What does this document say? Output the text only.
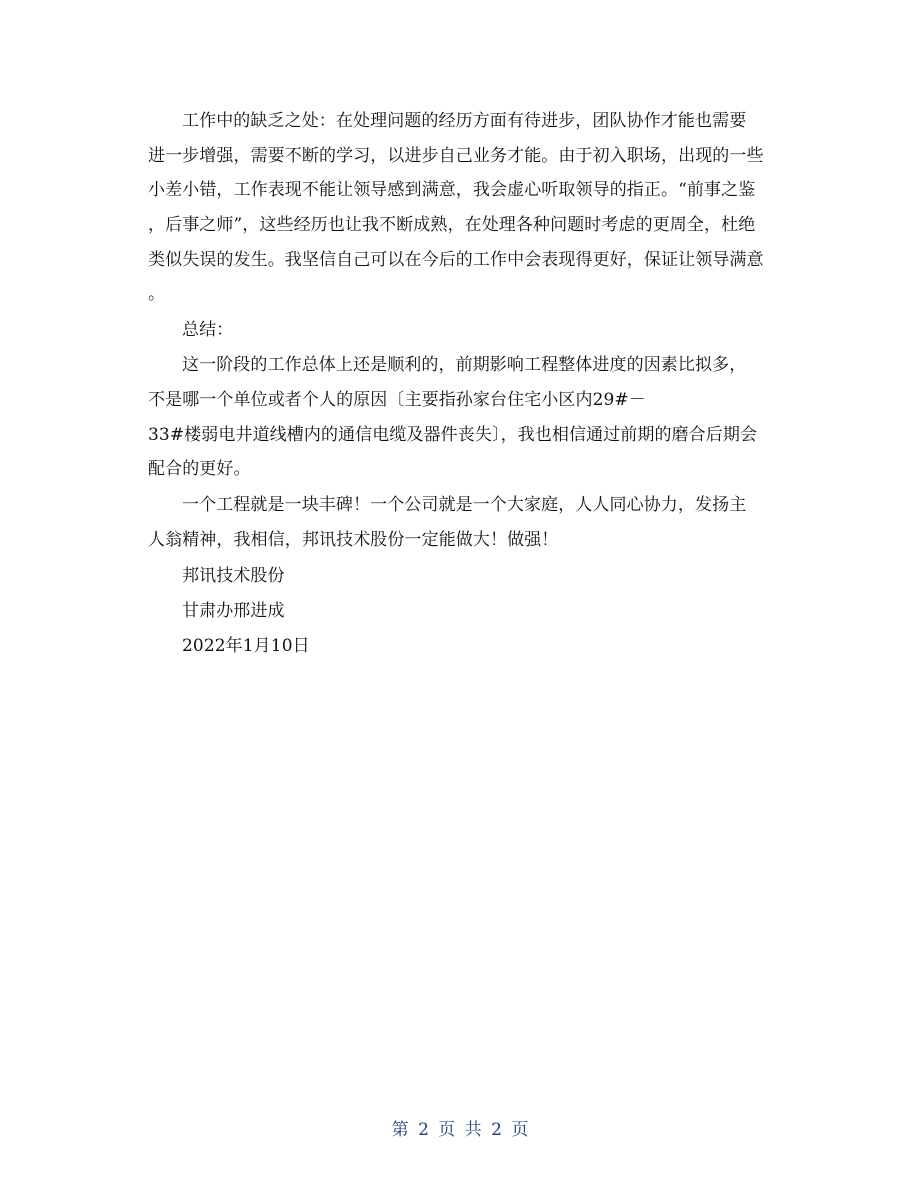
工作中的缺乏之处：在处理问题的经历方面有待进步，团队协作才能也需要
进一步增强，需要不断的学习，以进步自己业务才能。由于初入职场，出现的一些
小差小错，工作表现不能让领导感到满意，我会虚心听取领导的指正。“前事之鉴
，后事之师”，这些经历也让我不断成熟，在处理各种问题时考虑的更周全，杜绝
类似失误的发生。我坚信自己可以在今后的工作中会表现得更好，保证让领导满意
。
总结：
这一阶段的工作总体上还是顺利的，前期影响工程整体进度的因素比拟多，
不是哪一个单位或者个人的原因〔主要指孙家台住宅小区内29#－
33#楼弱电井道线槽内的通信电缆及器件丧失〕，我也相信通过前期的磨合后期会
配合的更好。
一个工程就是一块丰碑！一个公司就是一个大家庭，人人同心协力，发扬主
人翁精神，我相信，邦讯技术股份一定能做大！做强！
邦讯技术股份
甘肃办邢进成
2022年1月10日
第 2 页 共 2 页
